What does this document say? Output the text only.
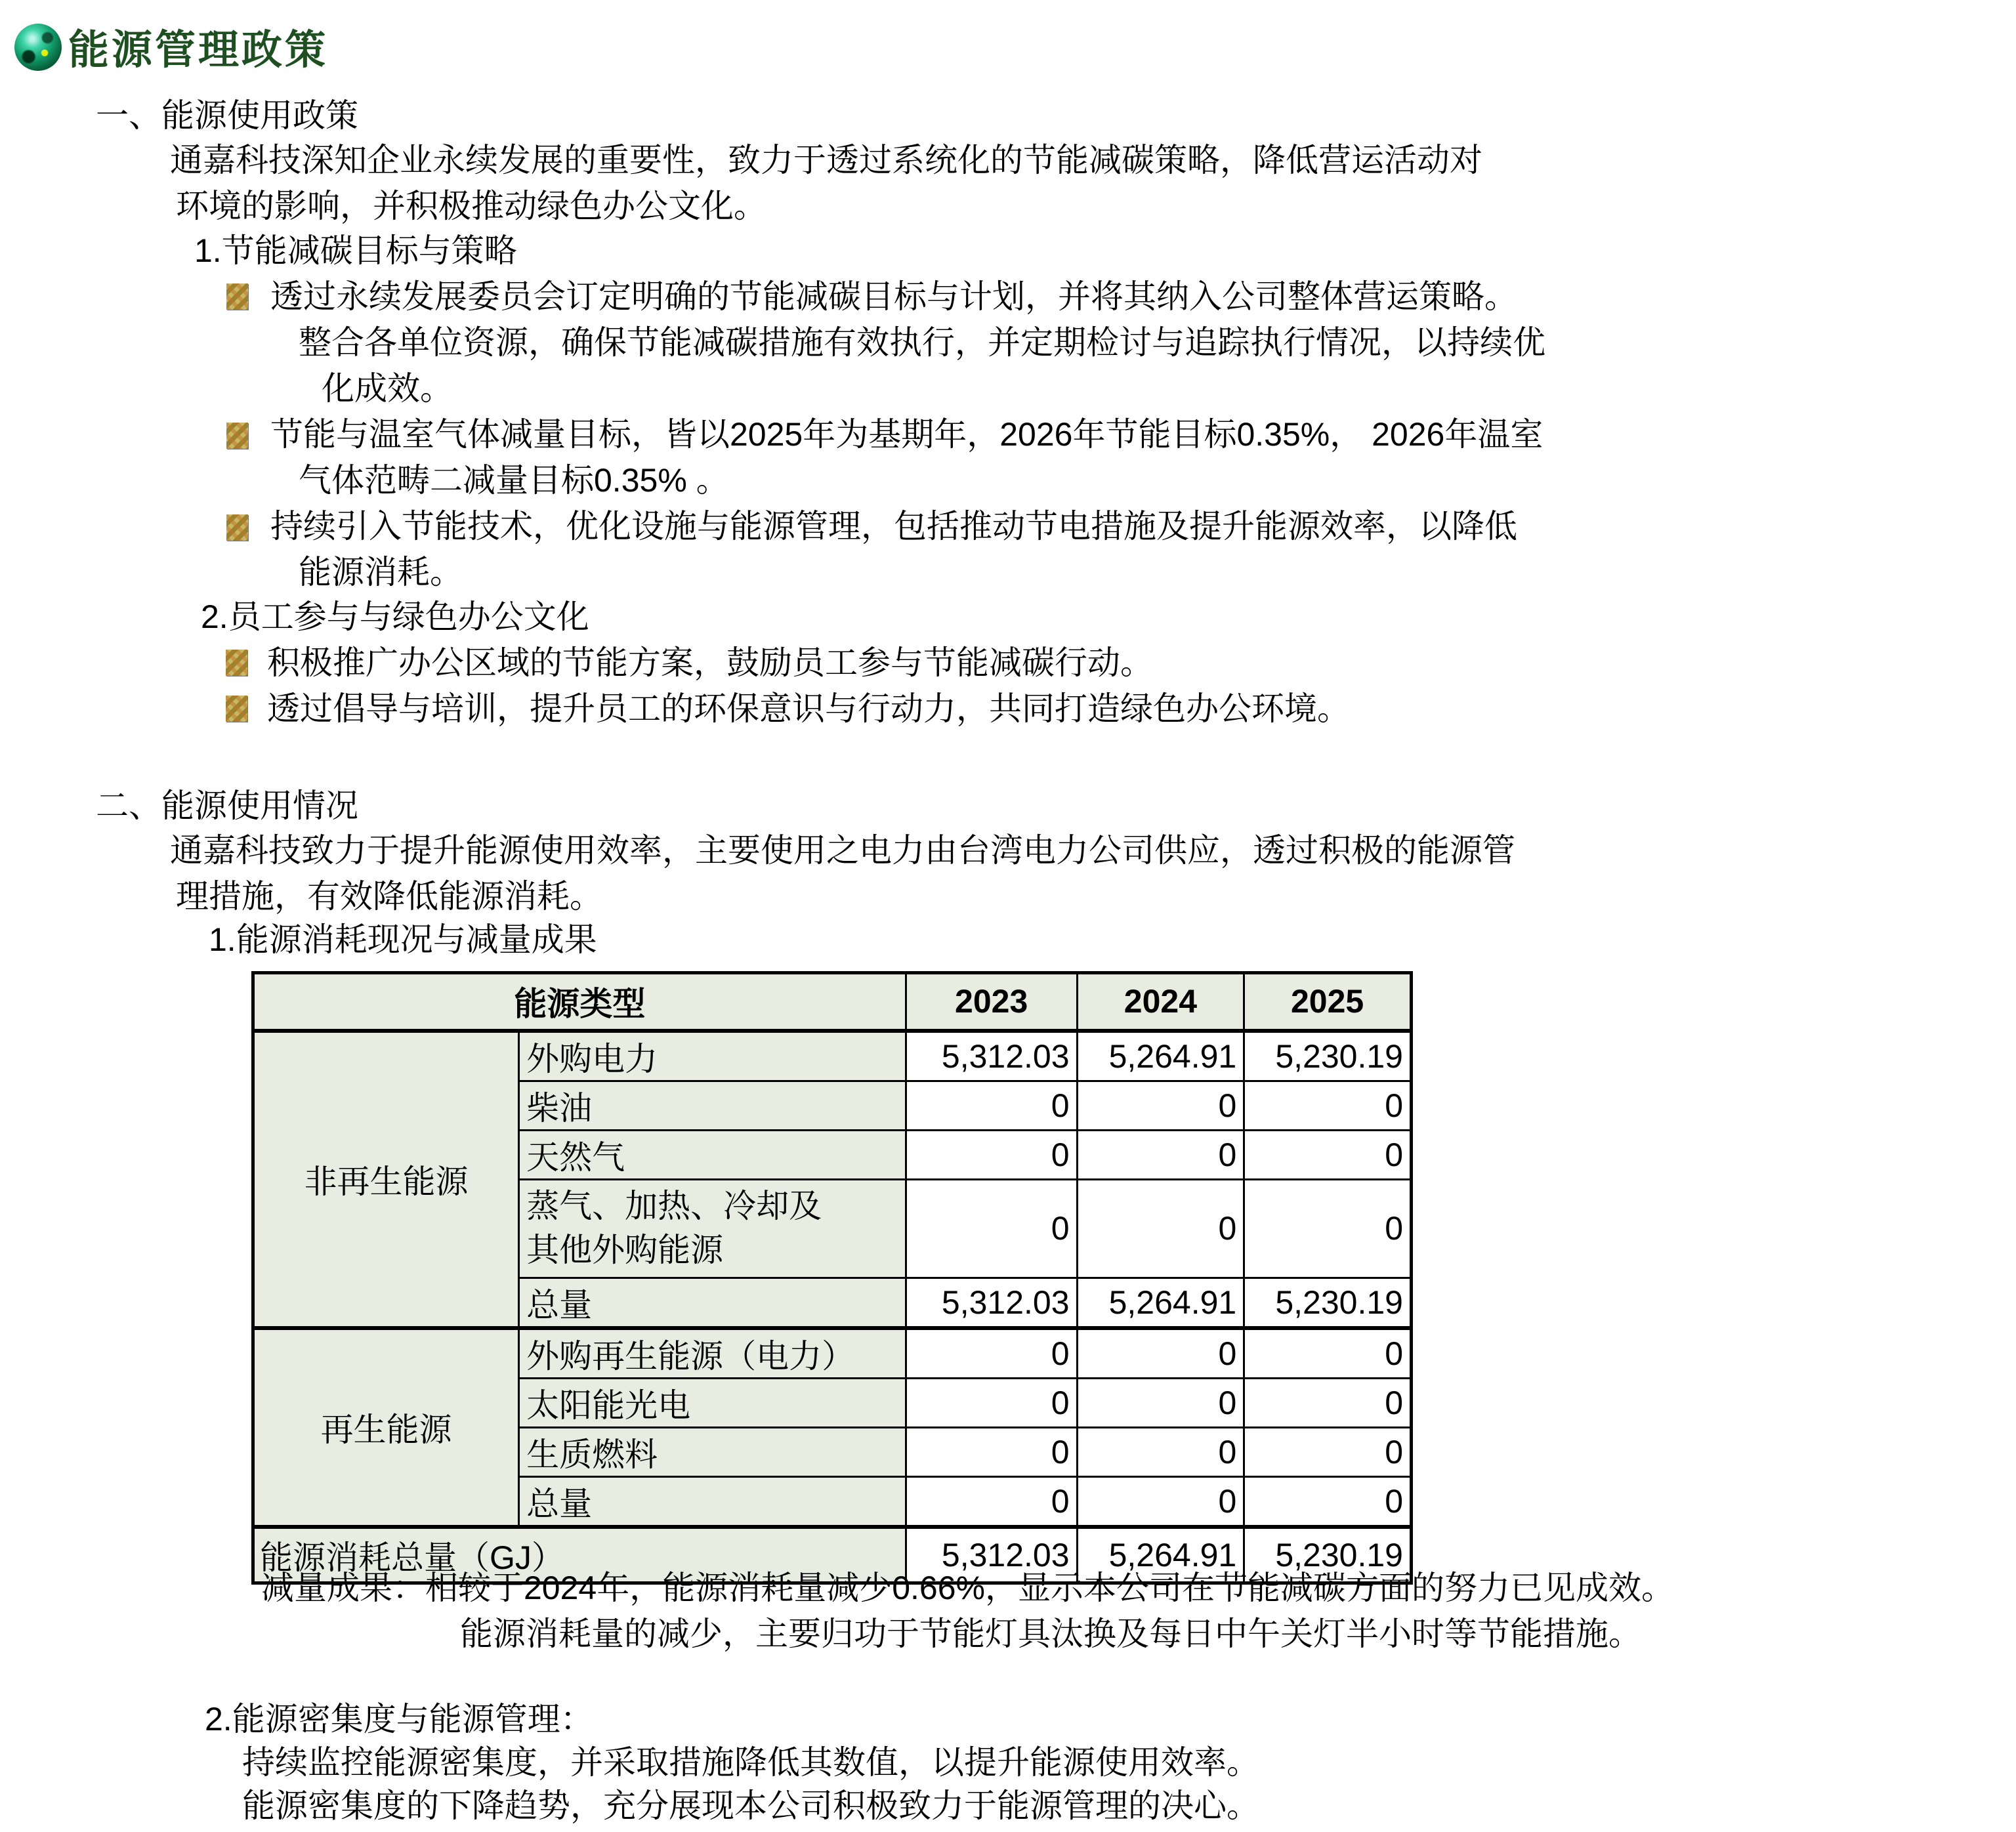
能源管理政策
一、能源使用政策
通嘉科技深知企业永续发展的重要性，致力于透过系统化的节能减碳策略，降低营运活动对
环境的影响，并积极推动绿色办公文化。
1.节能减碳目标与策略
透过永续发展委员会订定明确的节能减碳目标与计划，并将其纳入公司整体营运策略。
整合各单位资源，确保节能减碳措施有效执行，并定期检讨与追踪执行情况，以持续优
化成效。
节能与温室气体减量目标，皆以2025年为基期年，2026年节能目标0.35%， 2026年温室
气体范畴二减量目标0.35% 。
持续引入节能技术，优化设施与能源管理，包括推动节电措施及提升能源效率，以降低
能源消耗。
2.员工参与与绿色办公文化
积极推广办公区域的节能方案，鼓励员工参与节能减碳行动。
透过倡导与培训，提升员工的环保意识与行动力，共同打造绿色办公环境。
二、能源使用情况
通嘉科技致力于提升能源使用效率，主要使用之电力由台湾电力公司供应，透过积极的能源管
理措施，有效降低能源消耗。
1.能源消耗现况与减量成果
能源类型		2023	2024	2025
非再生能源	外购电力	5,312.03	5,264.91	5,230.19
	柴油	0	0	0
	天然气	0	0	0
	蒸气、加热、冷却及其他外购能源	0	0	0
	总量	5,312.03	5,264.91	5,230.19
再生能源	外购再生能源（电力）	0	0	0
	太阳能光电	0	0	0
	生质燃料	0	0	0
	总量	0	0	0
能源消耗总量（GJ）		5,312.03	5,264.91	5,230.19
减量成果：相较于2024年，能源消耗量减少0.66%，显示本公司在节能减碳方面的努力已见成效。
能源消耗量的减少，主要归功于节能灯具汰换及每日中午关灯半小时等节能措施。
2.能源密集度与能源管理：
持续监控能源密集度，并采取措施降低其数值，以提升能源使用效率。
能源密集度的下降趋势，充分展现本公司积极致力于能源管理的决心。
